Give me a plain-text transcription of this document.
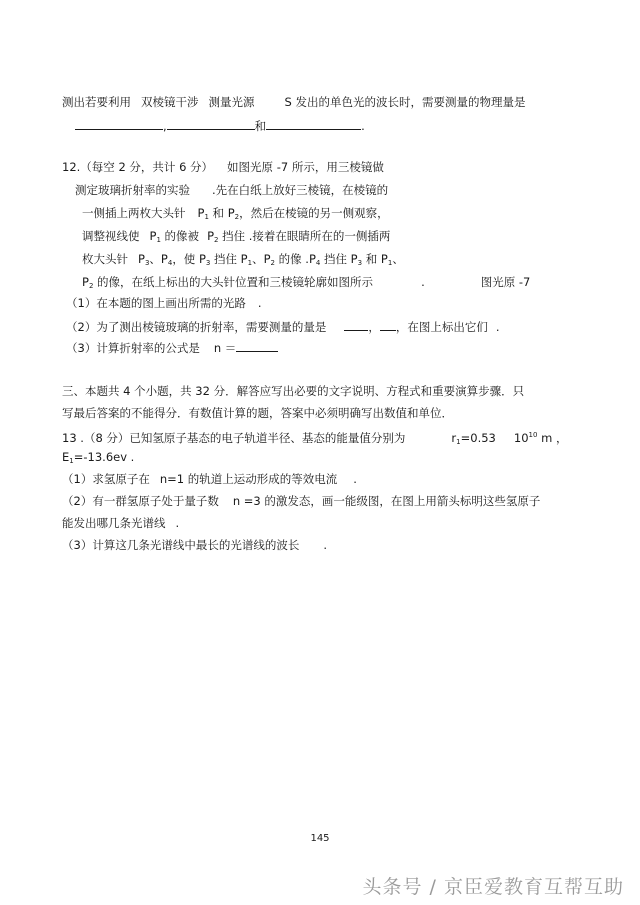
测出若要利用 双棱镜干涉 测量光源	S 发出的单色光的波长时，需要测量的物理量是
,	和	.
12.（每空 2 分，共计 6 分） 如图光原 -7 所示，用三棱镜做
测定玻璃折射率的实验 .先在白纸上放好三棱镜，在棱镜的
一侧插上两枚大头针 $P_1$ 和 $P_2$，然后在棱镜的另一侧观察，
调整视线使 $P_1$ 的像被 $P_2$ 挡住 .接着在眼睛所在的一侧插两
枚大头针 $P_3$、$P_4$，使 $P_3$ 挡住 $P_1$、$P_2$ 的像 $.P_4$ 挡住 $P_3$ 和 $P_1$、
$P_2$ 的像，在纸上标出的大头针位置和三棱镜轮廓如图所示	.	图光原 -7
（1）在本题的图上画出所需的光路 .
（2）为了测出棱镜玻璃的折射率，需要测量的量是	， ，在图上标出它们 .
（3）计算折射率的公式是 n ＝
三、本题共 4 个小题，共 32 分．解答应写出必要的文字说明、方程式和重要演算步骤．只
写最后答案的不能得分．有数值计算的题，答案中必须明确写出数值和单位．
13 .（8 分）已知氢原子基态的电子轨道半径、基态的能量值分别为	$r_1=0.53$ $10^{10}$ m ，
$E_1=-13.6ev$ .
（1）求氢原子在 n=1 的轨道上运动形成的等效电流 .
（2）有一群氢原子处于量子数 n =3 的激发态，画一能级图，在图上用箭头标明这些氢原子
能发出哪几条光谱线 .
（3）计算这几条光谱线中最长的光谱线的波长 .
145
头条号 / 京臣爱教育互帮互助
